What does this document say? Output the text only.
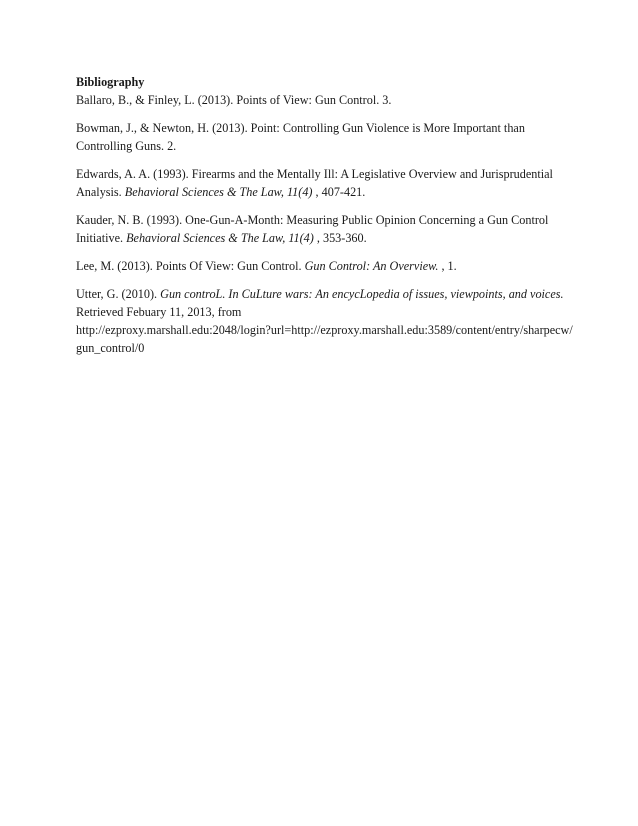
Bibliography

Ballaro, B., & Finley, L. (2013). Points of View: Gun Control. 3.

Bowman, J., & Newton, H. (2013). Point: Controlling Gun Violence is More Important than Controlling Guns. 2.

Edwards, A. A. (1993). Firearms and the Mentally Ill: A Legislative Overview and Jurisprudential Analysis. Behavioral Sciences & The Law, 11(4) , 407-421.

Kauder, N. B. (1993). One-Gun-A-Month: Measuring Public Opinion Concerning a Gun Control Initiative. Behavioral Sciences & The Law, 11(4) , 353-360.

Lee, M. (2013). Points Of View: Gun Control. Gun Control: An Overview. , 1.

Utter, G. (2010). Gun controL. In CuLture wars: An encycLopedia of issues, viewpoints, and voices. Retrieved Febuary 11, 2013, from
http://ezproxy.marshall.edu:2048/login?url=http://ezproxy.marshall.edu:3589/content/entry/sharpecw/gun_control/0
